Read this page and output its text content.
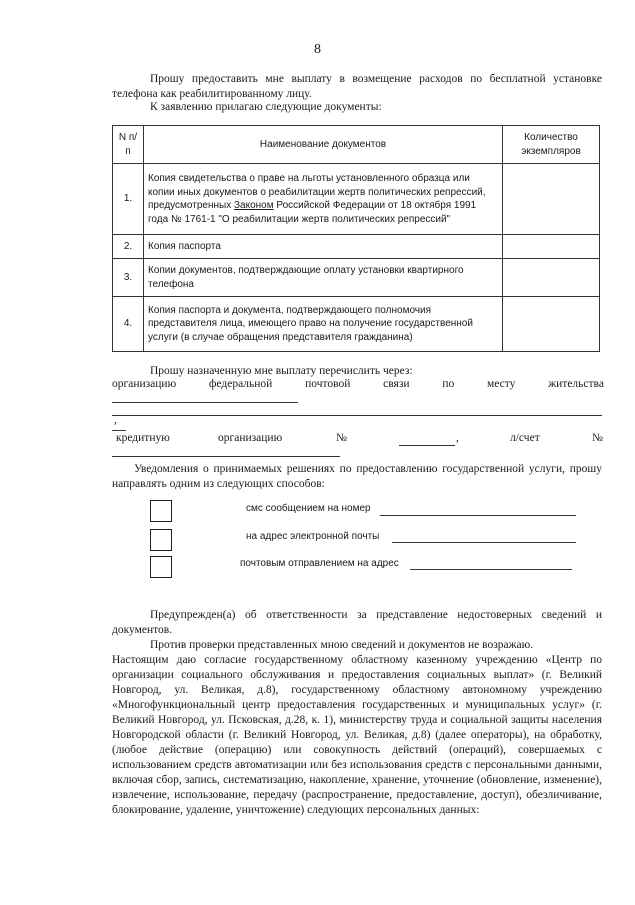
8
Прошу предоставить мне выплату в возмещение расходов по бесплатной установке телефона как реабилитированному лицу.
К заявлению прилагаю следующие документы:
N п/п	Наименование документов	Количество экземпляров
1.	Копия свидетельства о праве на льготы установленного образца или копии иных документов о реабилитации жертв политических репрессий, предусмотренных Законом Российской Федерации от 18 октября 1991 года № 1761-1 "О реабилитации жертв политических репрессий"	
2.	Копия паспорта	
3.	Копии документов, подтверждающие оплату установки квартирного телефона	
4.	Копия паспорта и документа, подтверждающего полномочия представителя лица, имеющего право на получение государственной услуги (в случае обращения представителя гражданина)	
Прошу назначенную мне выплату перечислить через:
организацию	федеральной	почтовой	связи	по	месту	жительства
,
кредитную	организацию	№	,	л/счет	№
Уведомления о принимаемых решениях по предоставлению государственной услуги, прошу направлять одним из следующих способов:
смс сообщением на номер
на адрес электронной почты
почтовым отправлением на адрес
Предупрежден(а) об ответственности за представление недостоверных сведений и документов.
Против проверки представленных мною сведений и документов не возражаю.
Настоящим даю согласие государственному областному казенному учреждению «Центр по организации социального обслуживания и предоставления социальных выплат» (г. Великий Новгород, ул. Великая, д.8), государственному областному автономному учреждению «Многофункциональный центр предоставления государственных и муниципальных услуг» (г. Великий Новгород, ул. Псковская, д.28, к. 1), министерству труда и социальной защиты населения Новгородской области (г. Великий Новгород, ул. Великая, д.8) (далее операторы), на обработку, (любое действие (операцию) или совокупность действий (операций), совершаемых с использованием средств автоматизации или без использования средств с персональными данными, включая сбор, запись, систематизацию, накопление, хранение, уточнение (обновление, изменение), извлечение, использование, передачу (распространение, предоставление, доступ), обезличивание, блокирование, удаление, уничтожение) следующих персональных данных:
